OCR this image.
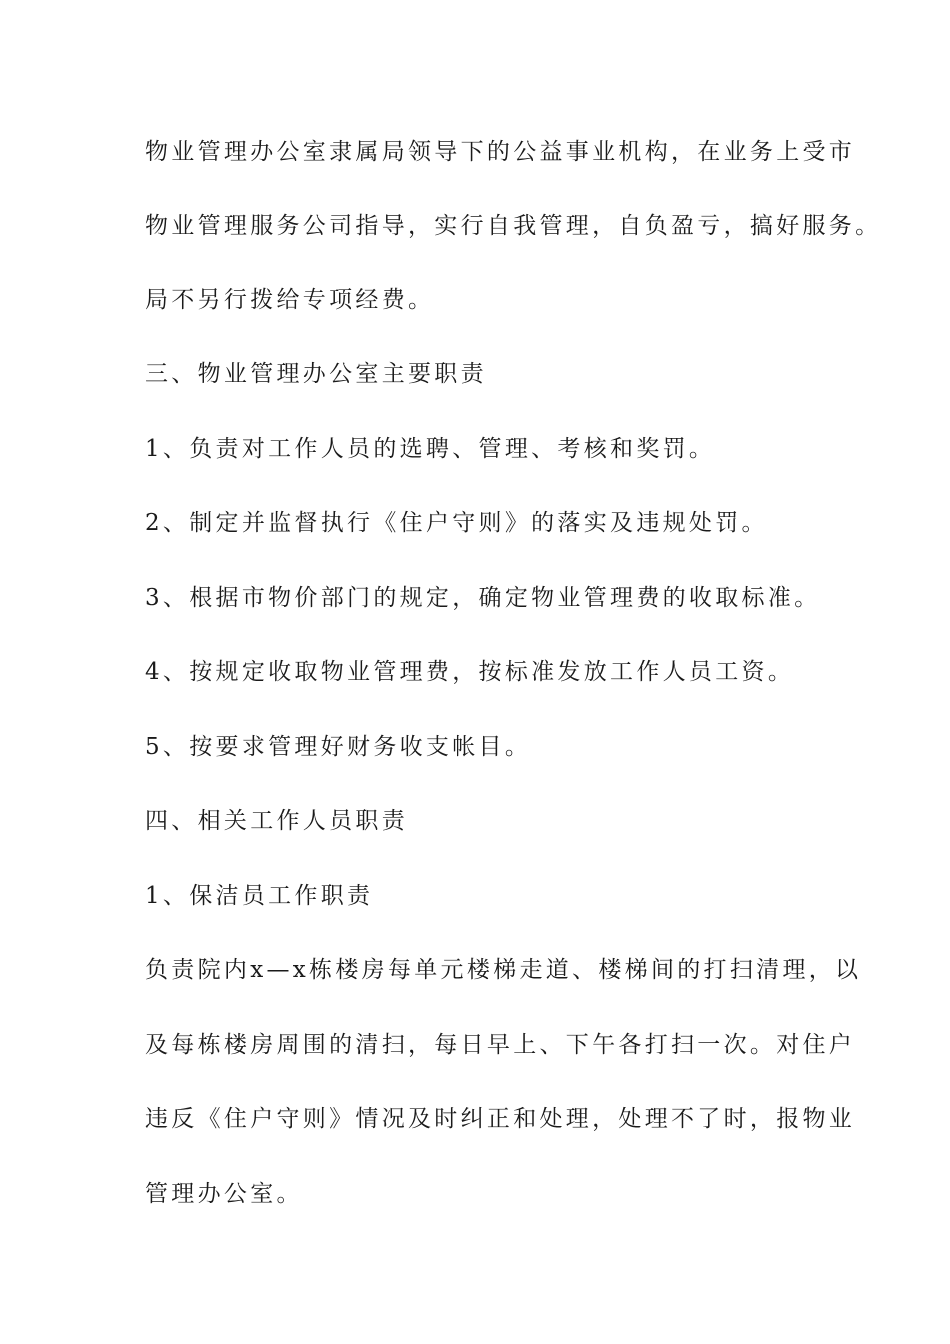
物业管理办公室隶属局领导下的公益事业机构，在业务上受市
物业管理服务公司指导，实行自我管理，自负盈亏，搞好服务。
局不另行拨给专项经费。
三、物业管理办公室主要职责
1、负责对工作人员的选聘、管理、考核和奖罚。
2、制定并监督执行《住户守则》的落实及违规处罚。
3、根据市物价部门的规定，确定物业管理费的收取标准。
4、按规定收取物业管理费，按标准发放工作人员工资。
5、按要求管理好财务收支帐目。
四、相关工作人员职责
1、保洁员工作职责
负责院内x—x栋楼房每单元楼梯走道、楼梯间的打扫清理，以
及每栋楼房周围的清扫，每日早上、下午各打扫一次。对住户
违反《住户守则》情况及时纠正和处理，处理不了时，报物业
管理办公室。
